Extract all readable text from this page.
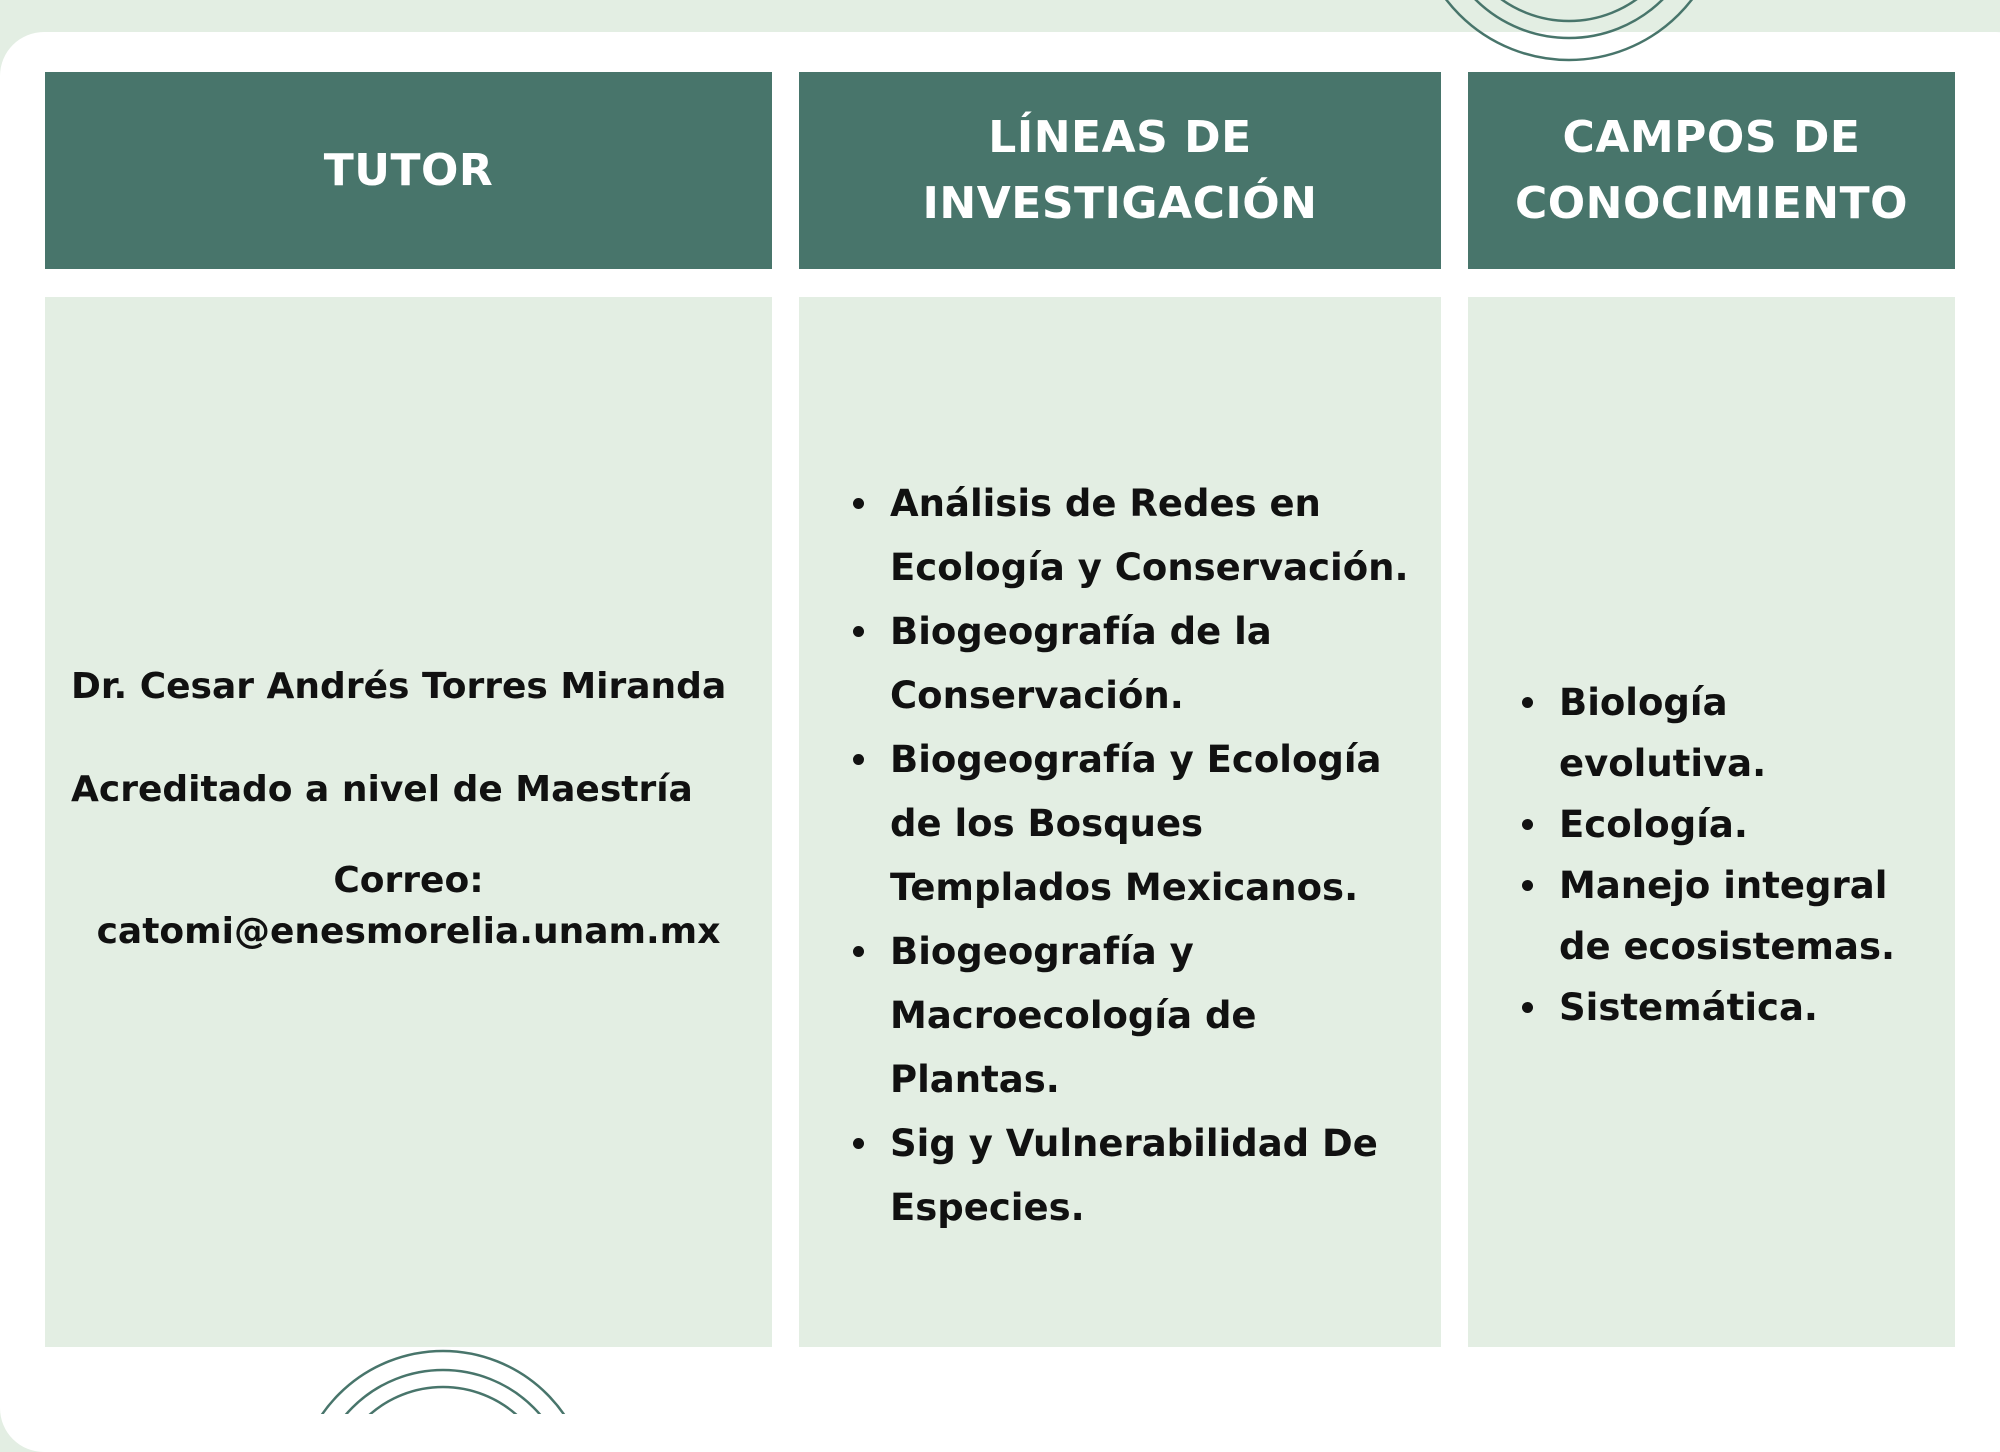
TUTOR
LÍNEAS DE INVESTIGACIÓN
CAMPOS DE
CONOCIMIENTO
Dr. Cesar Andrés Torres Miranda
Acreditado a nivel de Maestría
Correo:
catomi@enesmorelia.unam.mx
Análisis de Redes en Ecología y Conservación.
Biogeografía de la Conservación.
Biogeografía y Ecología de los Bosques Templados Mexicanos.
Biogeografía y Macroecología de Plantas.
Sig y Vulnerabilidad De Especies.
Biología evolutiva.
Ecología.
Manejo integral de ecosistemas.
Sistemática.
